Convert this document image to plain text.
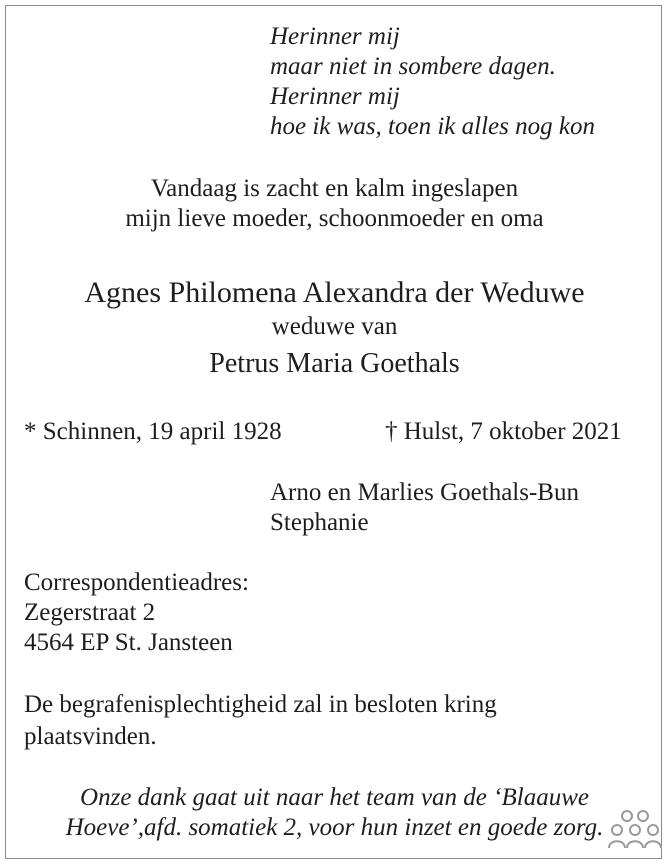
Herinner mij
maar niet in sombere dagen.
Herinner mij
hoe ik was, toen ik alles nog kon
Vandaag is zacht en kalm ingeslapen
mijn lieve moeder, schoonmoeder en oma
Agnes Philomena Alexandra der Weduwe
weduwe van
Petrus Maria Goethals
* Schinnen, 19 april 1928	† Hulst, 7 oktober 2021
Arno en Marlies Goethals-Bun
Stephanie
Correspondentieadres:
Zegerstraat 2
4564 EP St. Jansteen
De begrafenisplechtigheid zal in besloten kring
plaatsvinden.
Onze dank gaat uit naar het team van de ‘Blaauwe
Hoeve’,afd. somatiek 2, voor hun inzet en goede zorg.
